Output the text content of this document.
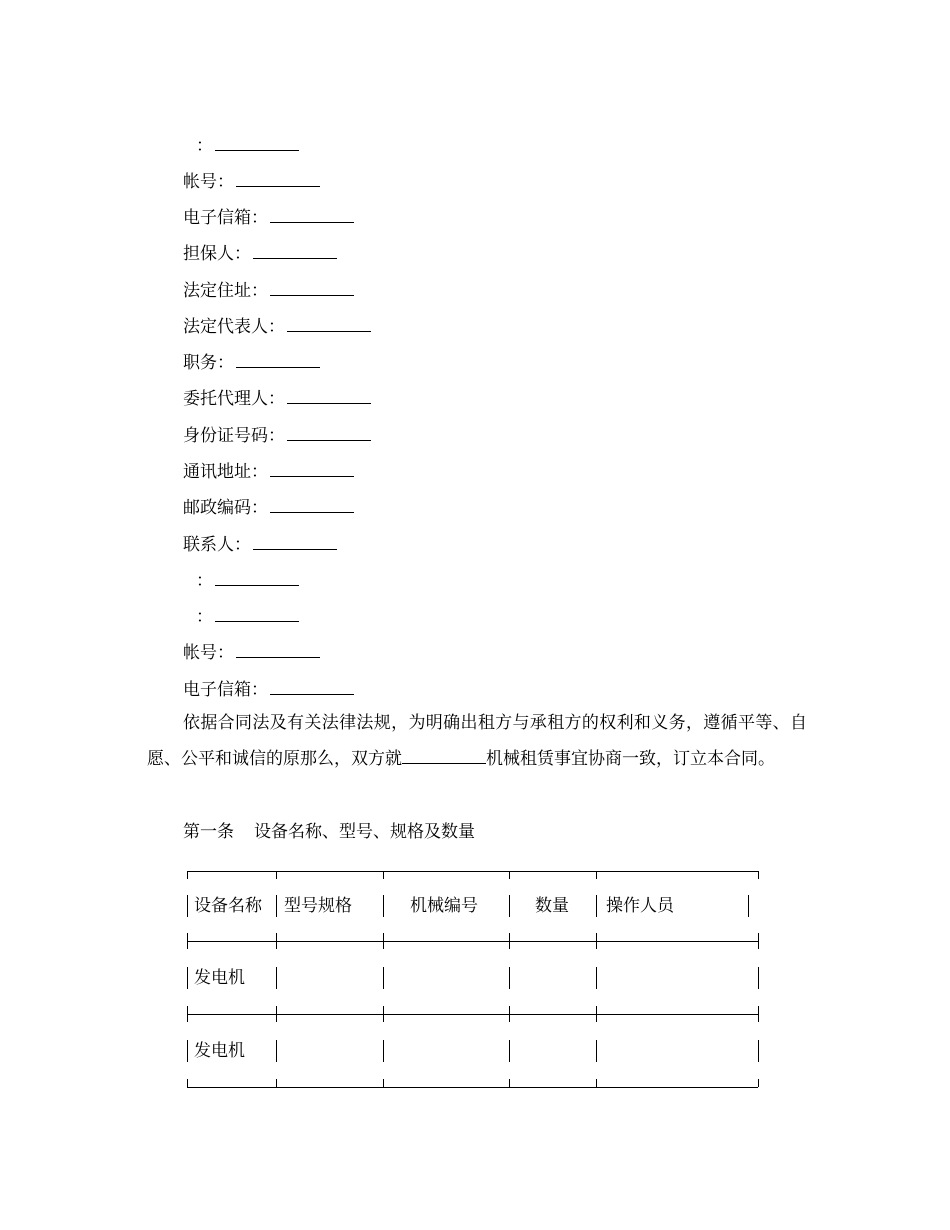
：
帐号：
电子信箱：
担保人：
法定住址：
法定代表人：
职务：
委托代理人：
身份证号码：
通讯地址：
邮政编码：
联系人：
：
：
帐号：
电子信箱：
依据合同法及有关法律法规，为明确出租方与承租方的权利和义务，遵循平等、自愿、公平和诚信的原那么，双方就	机械租赁事宜协商一致，订立本合同。
第一条 设备名称、型号、规格及数量
设备名称 型号规格	机械编号	数量 操作人员
发电机
发电机
